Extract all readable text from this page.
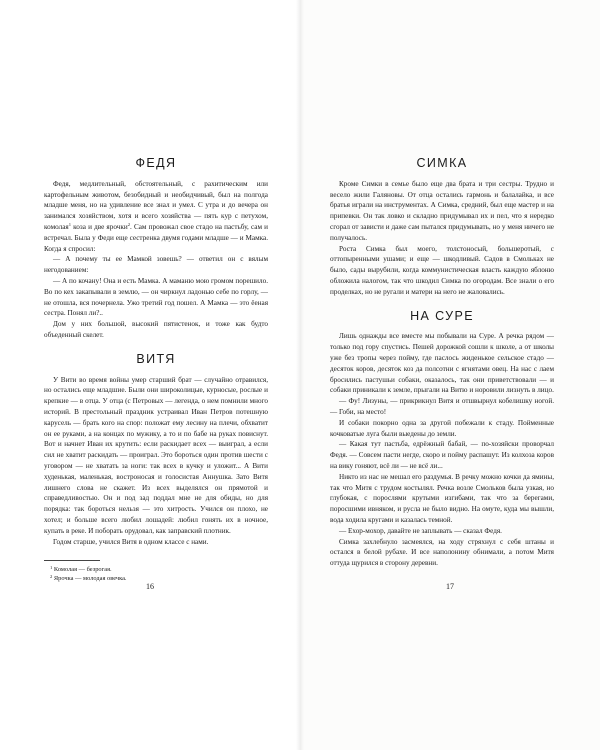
ФЕДЯ

Федя, медлительный, обстоятельный, с рахитическим или картофельным животом, безобидный и необидчивый, был на полгода младше меня, но на удивление все знал и умел. С утра и до вечера он занимался хозяйством, хотя и всего хозяйства — пять кур с петухом, комолая$^1$ коза и две ярочки$^2$. Сам провожал свое стадо на пастьбу, сам и встречал. Была у Феди еще сестренка двумя годами младше — и Мамка. Когда я спросил:

— А почему ты ее Мамкой зовешь? — ответил он с вялым негодованием:

— А по кочану! Она и есть Мамка. А маманю мою громом порешило. Во по кех закапывали в землю, — он чиркнул ладонью себе по горлу, — не отошла, вся почернела. Ужо третий год пошел. А Мамка — это ёеная сестра. Понял ли?..

Дом у них большой, высокий пятистенок, и тоже как будто объеденный скелет.

ВИТЯ

У Вити во время войны умер старший брат — случайно отравился, но остались еще младшие. Были они широколицые, курносые, рослые и крепкие — в отца. У отца (с Петровых — легенда, о нем помнили много историй. В престольный праздник устраивал Иван Петров потешную карусель — брать кого на спор: положат ему лесину на плечи, обхватит он ее руками, а на концах по мужику, а то и по бабе на руках повиснут. Вот и начнет Иван их крутить: если раскидает всех — выиграл, а если сил не хватит раскидать — проиграл. Это бороться один против шести с уговором — не хватать за ноги: так всех в кучку и уложит... А Вити худенькая, маленькая, востроносая и голосистая Аннушка. Зато Витя лишнего слова не скажет. Из всех выделялся он прямотой и справедливостью. Он и под зад поддал мне не для обиды, но для порядка: так бороться нельзя — это хитрость. Учился он плохо, не хотел; и больше всего любил лошадей: любил гонять их в ночное, купать в реке. И поборать орудовал, как заправский плотник.

Годом старше, учился Витя в одном классе с нами.

$^1$ Комолая — безрогая.
$^2$ Ярочка — молодая овечка.
16
СИМКА

Кроме Симки в семье было еще два брата и три сестры. Трудно и весело жили Галяновы. От отца остались гармонь и балалайка, и все братья играли на инструментах. А Симка, средний, был еще мастер и на припевки. Он так ловко и складно придумывал их и пел, что я нередко сгорал от зависти и даже сам пытался придумывать, но у меня ничего не получалось.

Роста Симка был моего, толстоносый, большеротый, с оттопыренными ушами; и еще — шкодливый. Садов в Смольках не было, сады вырубили, когда коммунистическая власть каждую яблоню обложила налогом, так что шкодил Симка по огородам. Все знали о его проделках, но не ругали и матери на него не жаловались.

НА СУРЕ

Лишь однажды все вместе мы побывали на Суре. А речка рядом — только под гору спустись. Пешей дорожкой сошли к школе, а от школы уже без тропы через пойму, где паслось жиденькое сельское стадо — десяток коров, десяток коз да полсотни с ягнятами овец. На нас с лаем бросились пастушьи собаки, оказалось, так они приветствовали — и собаки приникали к земле, прыгали на Витю и норовили лизнуть в лицо.

— Фу! Лизуны, — прикрикнул Витя и отшвырнул кобелишку ногой. — Гоби, на место!

И собаки покорно одна за другой побежали к стаду. Пойменные кочковатые луга были выедены до земли.

— Какая тут пастьба, едрёжный бабай, — по-хозяйски проворчал Федя. — Совсем пасти негде, скоро и пойму распашут. Из колхоза коров на вику гоняют, всё ли — не всё ли...

Никто из нас не мешал его раздумья. В речку можно кочки да ямины, так что Митя с трудом костылял. Речка возле Смольков была узкая, но глубокая, с порослями крутыми изгибами, так что за берегами, поросшими ивняком, и русла не было видно. На омуте, куда мы вышли, вода ходила кругами и казалась темной.

— Ехор-мохор, давайте не заплывать — сказал Федя.

Симка захлебнуло засмеялся, на ходу стряхнул с себя штаны и остался в белой рубахе. И все наполонину обнимали, а потом Митя оттуда щурился в сторону деревни.

17
